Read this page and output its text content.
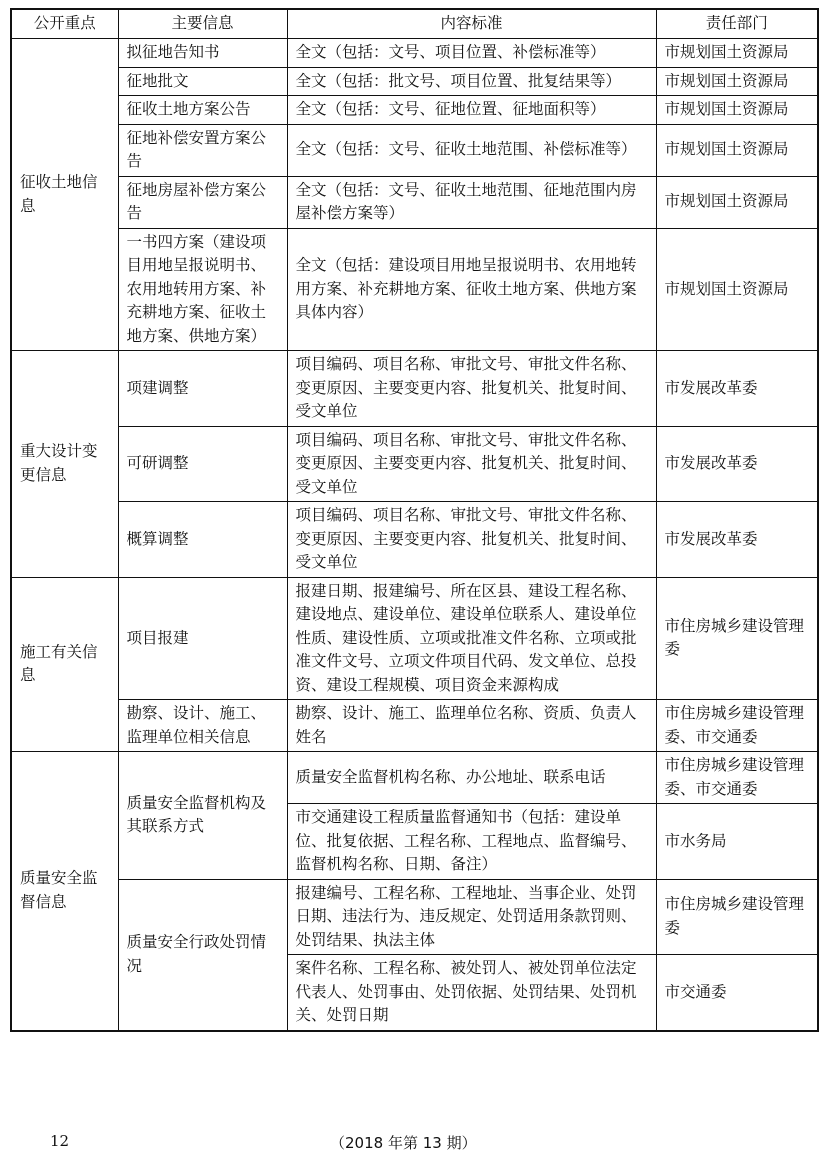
公开重点	主要信息	内容标准	责任部门
征收土地信息	拟征地告知书	全文（包括：文号、项目位置、补偿标准等）	市规划国土资源局
	征地批文	全文（包括：批文号、项目位置、批复结果等）	市规划国土资源局
	征收土地方案公告	全文（包括：文号、征地位置、征地面积等）	市规划国土资源局
	征地补偿安置方案公告	全文（包括：文号、征收土地范围、补偿标准等）	市规划国土资源局
	征地房屋补偿方案公告	全文（包括：文号、征收土地范围、征地范围内房屋补偿方案等）	市规划国土资源局
	一书四方案（建设项目用地呈报说明书、农用地转用方案、补充耕地方案、征收土地方案、供地方案）	全文（包括：建设项目用地呈报说明书、农用地转用方案、补充耕地方案、征收土地方案、供地方案具体内容）	市规划国土资源局
重大设计变更信息	项建调整	项目编码、项目名称、审批文号、审批文件名称、变更原因、主要变更内容、批复机关、批复时间、受文单位	市发展改革委
	可研调整	项目编码、项目名称、审批文号、审批文件名称、变更原因、主要变更内容、批复机关、批复时间、受文单位	市发展改革委
	概算调整	项目编码、项目名称、审批文号、审批文件名称、变更原因、主要变更内容、批复机关、批复时间、受文单位	市发展改革委
施工有关信息	项目报建	报建日期、报建编号、所在区县、建设工程名称、建设地点、建设单位、建设单位联系人、建设单位性质、建设性质、立项或批准文件名称、立项或批准文件文号、立项文件项目代码、发文单位、总投资、建设工程规模、项目资金来源构成	市住房城乡建设管理委
	勘察、设计、施工、监理单位相关信息	勘察、设计、施工、监理单位名称、资质、负责人姓名	市住房城乡建设管理委、市交通委
质量安全监督信息	质量安全监督机构及其联系方式	质量安全监督机构名称、办公地址、联系电话	市住房城乡建设管理委、市交通委
		市交通建设工程质量监督通知书（包括：建设单位、批复依据、工程名称、工程地点、监督编号、监督机构名称、日期、备注）	市水务局
	质量安全行政处罚情况	报建编号、工程名称、工程地址、当事企业、处罚日期、违法行为、违反规定、处罚适用条款罚则、处罚结果、执法主体	市住房城乡建设管理委
		案件名称、工程名称、被处罚人、被处罚单位法定代表人、处罚事由、处罚依据、处罚结果、处罚机关、处罚日期	市交通委
12	（2018 年第 13 期）
